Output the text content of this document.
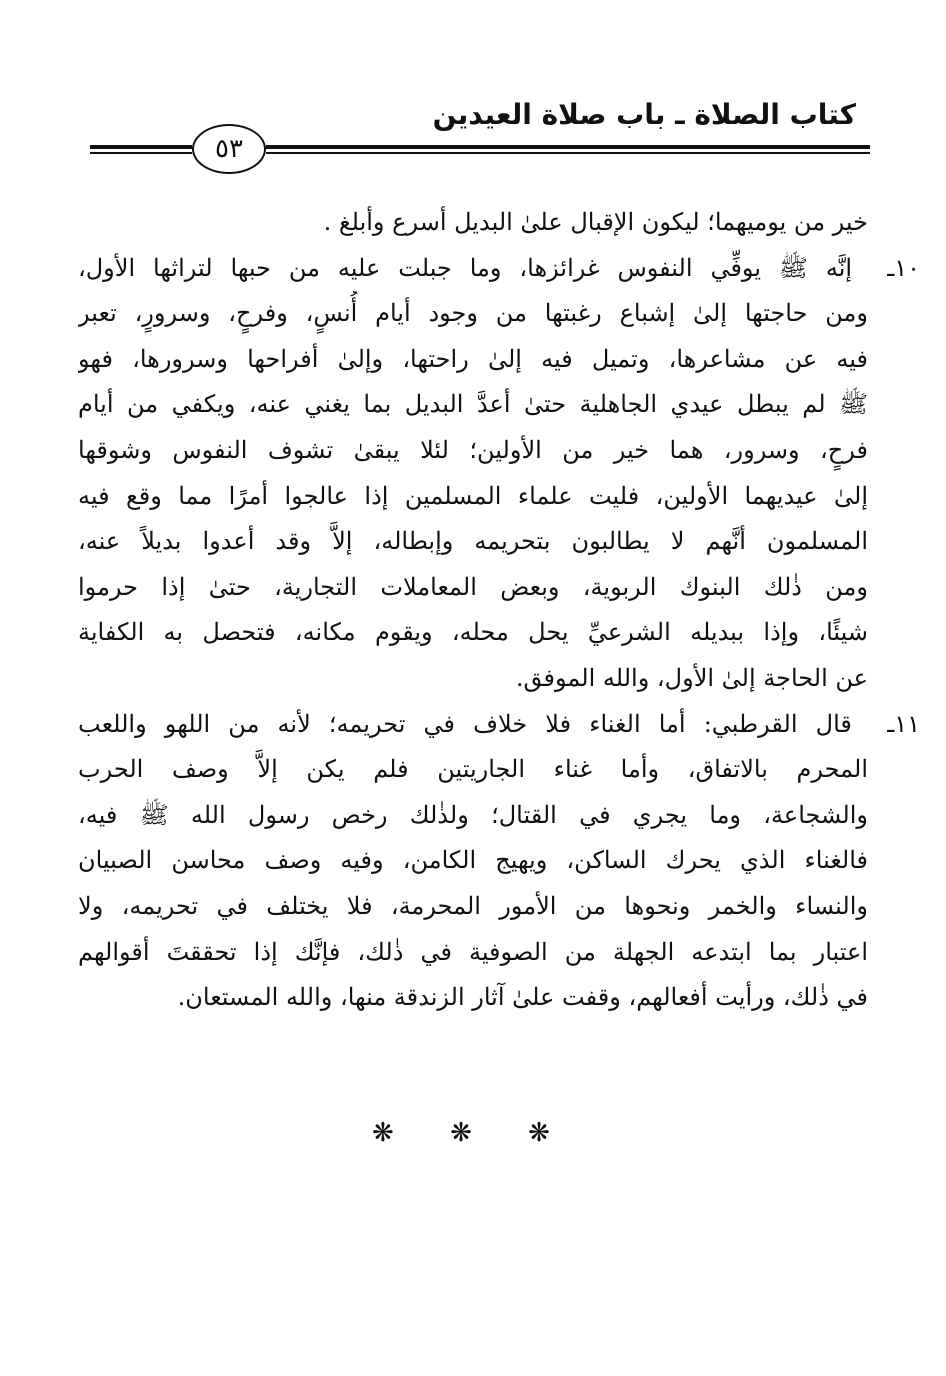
كتاب الصلاة ـ باب صلاة العيدين
٥٣
خير من يوميهما؛ ليكون الإقبال علىٰ البديل أسرع وأبلغ .
١٠ـ إنَّه ﷺ يوفِّي النفوس غرائزها، وما جبلت عليه من حبها لتراثها الأول،
ومن حاجتها إلىٰ إشباع رغبتها من وجود أيام أُنسٍ، وفرحٍ، وسرورٍ، تعبر
فيه عن مشاعرها، وتميل فيه إلىٰ راحتها، وإلىٰ أفراحها وسرورها، فهو
ﷺ لم يبطل عيدي الجاهلية حتىٰ أعدَّ البديل بما يغني عنه، ويكفي من أيام
فرحٍ، وسرور، هما خير من الأولين؛ لئلا يبقىٰ تشوف النفوس وشوقها
إلىٰ عيديهما الأولين، فليت علماء المسلمين إذا عالجوا أمرًا مما وقع فيه
المسلمون أنَّهم لا يطالبون بتحريمه وإبطاله، إلاَّ وقد أعدوا بديلاً عنه،
ومن ذٰلك البنوك الربوية، وبعض المعاملات التجارية، حتىٰ إذا حرموا
شيئًا، وإذا ببديله الشرعيِّ يحل محله، ويقوم مكانه، فتحصل به الكفاية
عن الحاجة إلىٰ الأول، والله الموفق.
١١ـ قال القرطبي: أما الغناء فلا خلاف في تحريمه؛ لأنه من اللهو واللعب
المحرم بالاتفاق، وأما غناء الجاريتين فلم يكن إلاَّ وصف الحرب
والشجاعة، وما يجري في القتال؛ ولذٰلك رخص رسول الله ﷺ فيه،
فالغناء الذي يحرك الساكن، ويهيج الكامن، وفيه وصف محاسن الصبيان
والنساء والخمر ونحوها من الأمور المحرمة، فلا يختلف في تحريمه، ولا
اعتبار بما ابتدعه الجهلة من الصوفية في ذٰلك، فإنَّك إذا تحققتَ أقوالهم
في ذٰلك، ورأيت أفعالهم، وقفت علىٰ آثار الزندقة منها، والله المستعان.
❋ ❋ ❋
